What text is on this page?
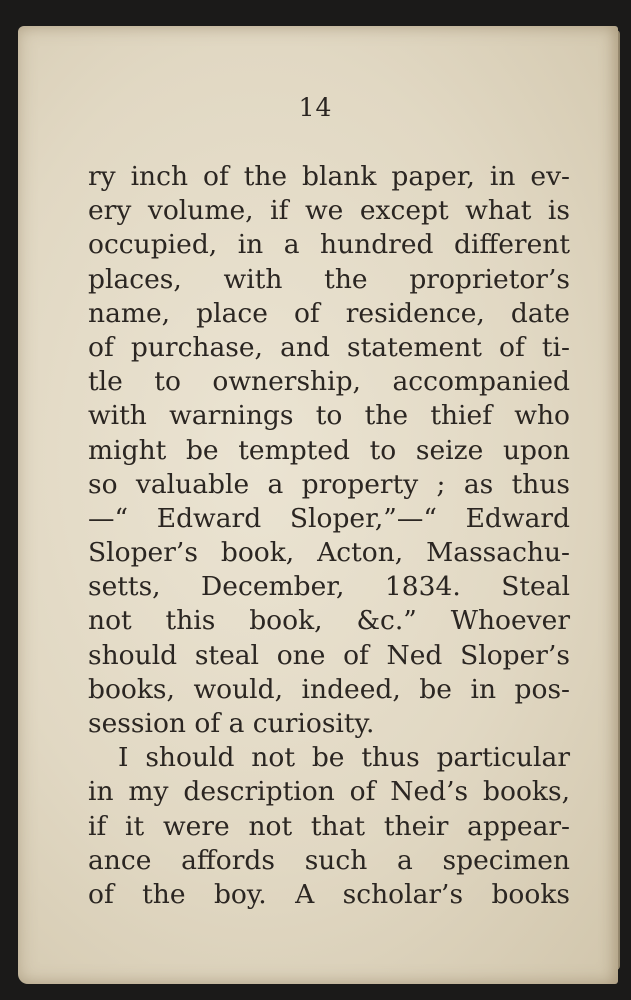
14
ry inch of the blank paper, in ev-
ery volume, if we except what is
occupied, in a hundred different
places, with the proprietor’s
name, place of residence, date
of purchase, and statement of ti-
tle to ownership, accompanied
with warnings to the thief who
might be tempted to seize upon
so valuable a property ; as thus
—“ Edward Sloper,”—“ Edward
Sloper’s book, Acton, Massachu-
setts, December, 1834. Steal
not this book, &c.” Whoever
should steal one of Ned Sloper’s
books, would, indeed, be in pos-
session of a curiosity.
I should not be thus particular
in my description of Ned’s books,
if it were not that their appear-
ance affords such a specimen
of the boy. A scholar’s books
